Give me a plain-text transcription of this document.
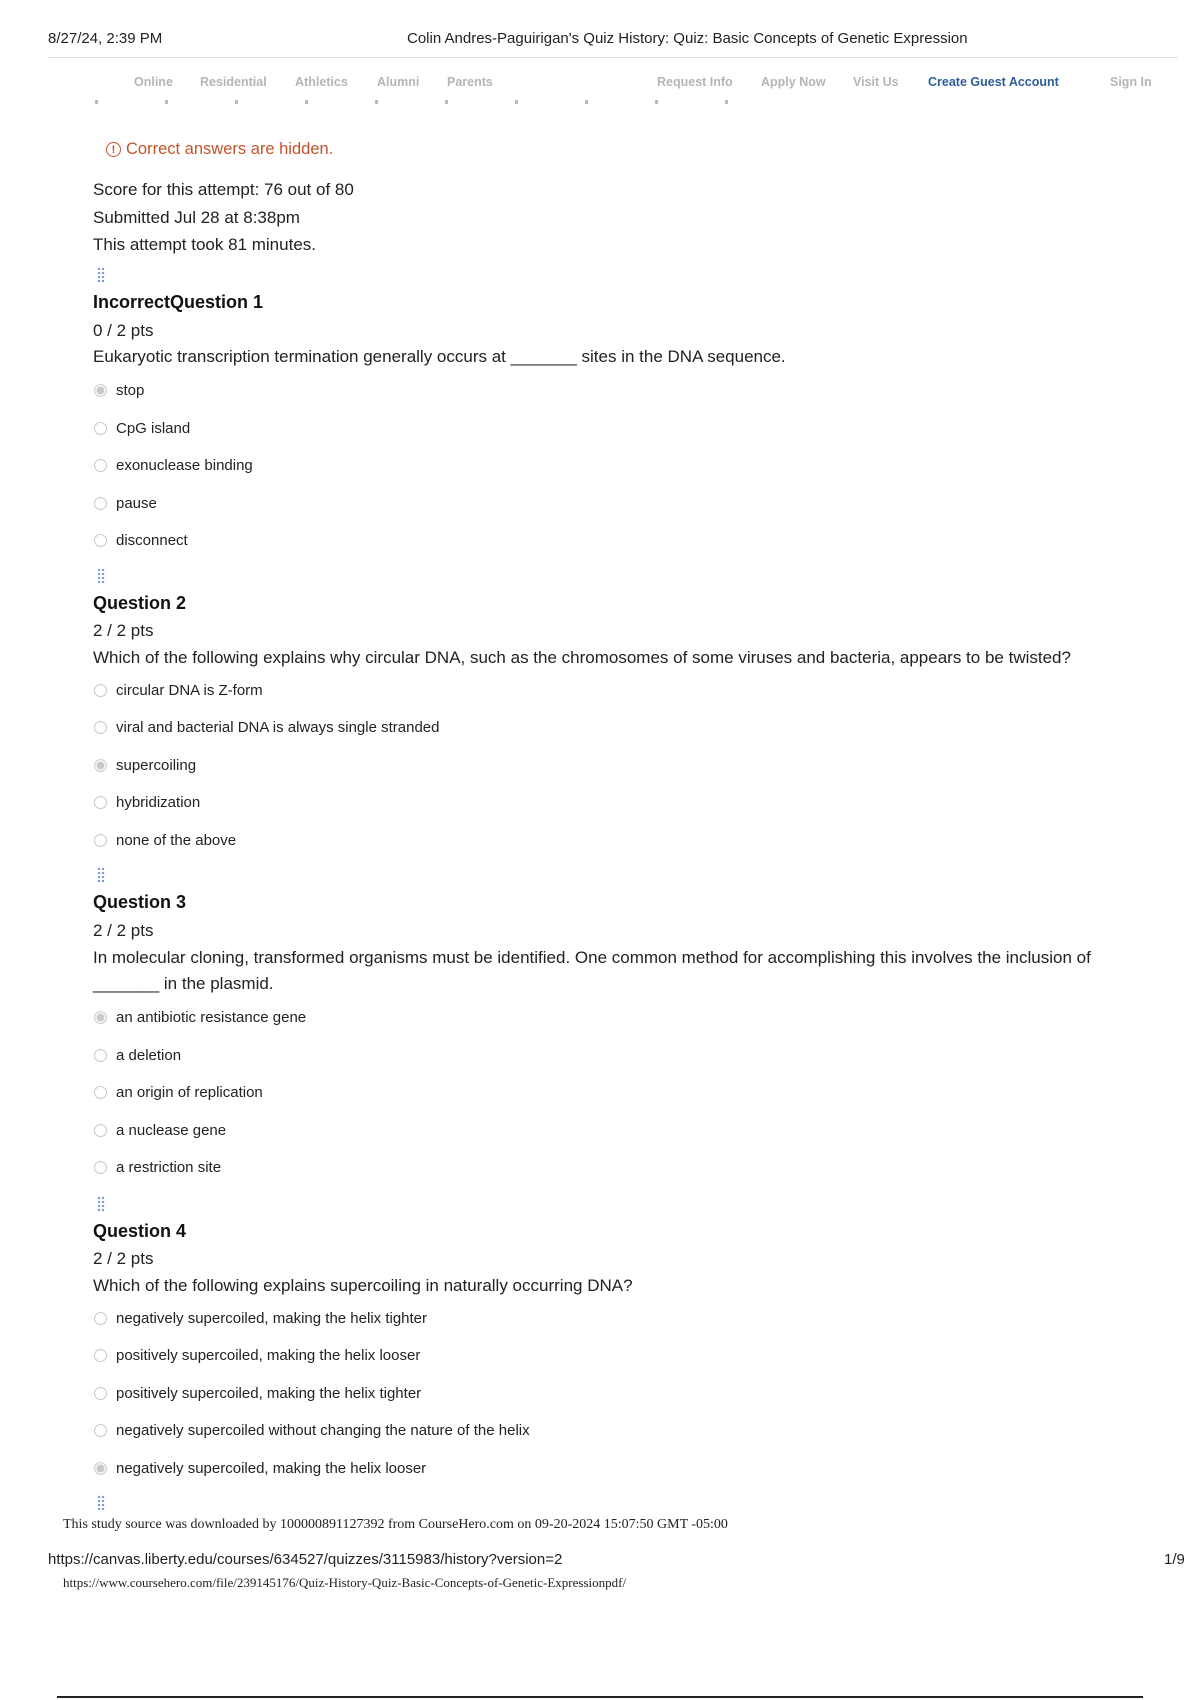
8/27/24, 2:39 PM	Colin Andres-Paguirigan's Quiz History: Quiz: Basic Concepts of Genetic Expression
Online Residential Athletics Alumni Parents	Request Info Apply Now Visit Us Create Guest Account	Sign In
! Correct answers are hidden.
Score for this attempt: 76 out of 80
Submitted Jul 28 at 8:38pm
This attempt took 81 minutes.
IncorrectQuestion 1
0 / 2 pts
Eukaryotic transcription termination generally occurs at _______ sites in the DNA sequence.
stop
CpG island
exonuclease binding
pause
disconnect
Question 2
2 / 2 pts
Which of the following explains why circular DNA, such as the chromosomes of some viruses and bacteria, appears to be twisted?
circular DNA is Z-form
viral and bacterial DNA is always single stranded
supercoiling
hybridization
none of the above
Question 3
2 / 2 pts
In molecular cloning, transformed organisms must be identified. One common method for accomplishing this involves the inclusion of _______ in the plasmid.
an antibiotic resistance gene
a deletion
an origin of replication
a nuclease gene
a restriction site
Question 4
2 / 2 pts
Which of the following explains supercoiling in naturally occurring DNA?
negatively supercoiled, making the helix tighter
positively supercoiled, making the helix looser
positively supercoiled, making the helix tighter
negatively supercoiled without changing the nature of the helix
negatively supercoiled, making the helix looser
This study source was downloaded by 100000891127392 from CourseHero.com on 09-20-2024 15:07:50 GMT -05:00
https://canvas.liberty.edu/courses/634527/quizzes/3115983/history?version=2	1/9
https://www.coursehero.com/file/239145176/Quiz-History-Quiz-Basic-Concepts-of-Genetic-Expressionpdf/
